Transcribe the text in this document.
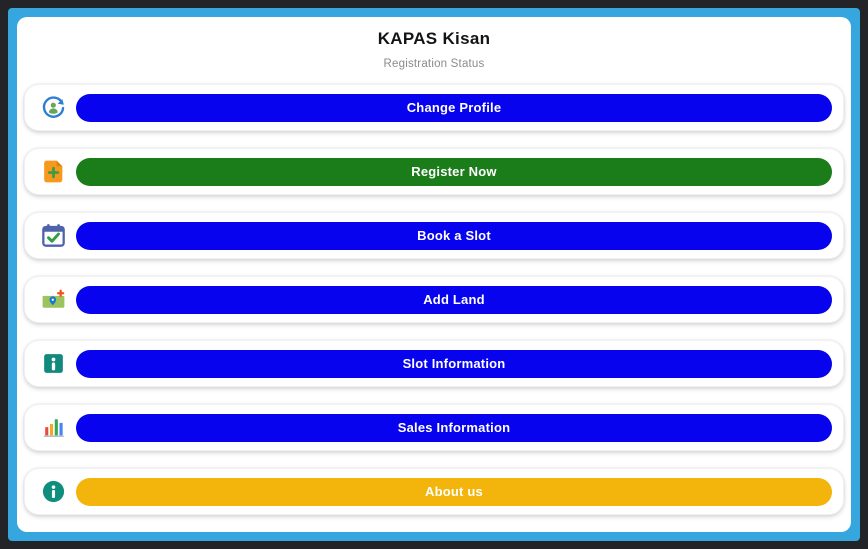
KAPAS Kisan
Registration Status
Change Profile
Register Now
Book a Slot
Add Land
Slot Information
Sales Information
About us
